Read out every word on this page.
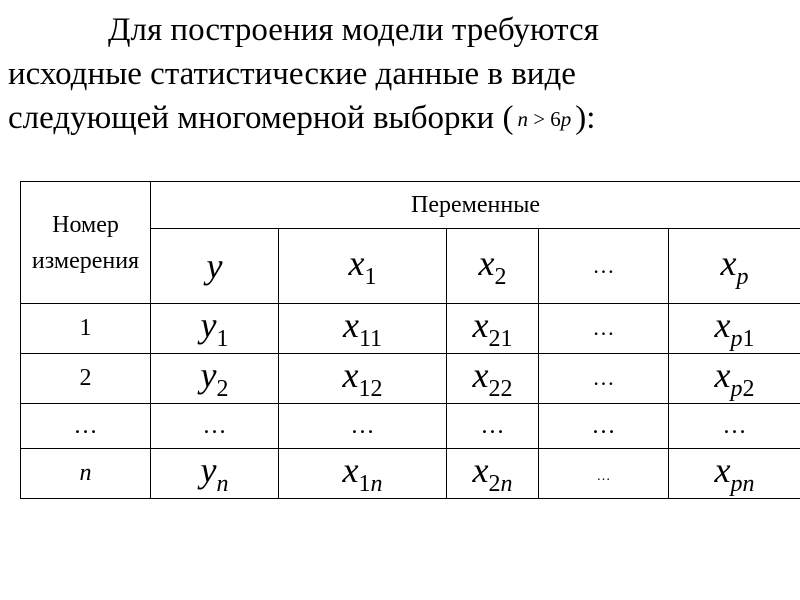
Для построения модели требуются
исходные статистические данные в виде
следующей многомерной выборки ( n > 6p ):

Номер измерения	Переменные				
	y	x1	x2	…	xp
1	y1	x11	x21	…	xp1
2	y2	x12	x22	…	xp2
…	…	…	…	…	…
n	yn	x1n	x2n	…	xpn
